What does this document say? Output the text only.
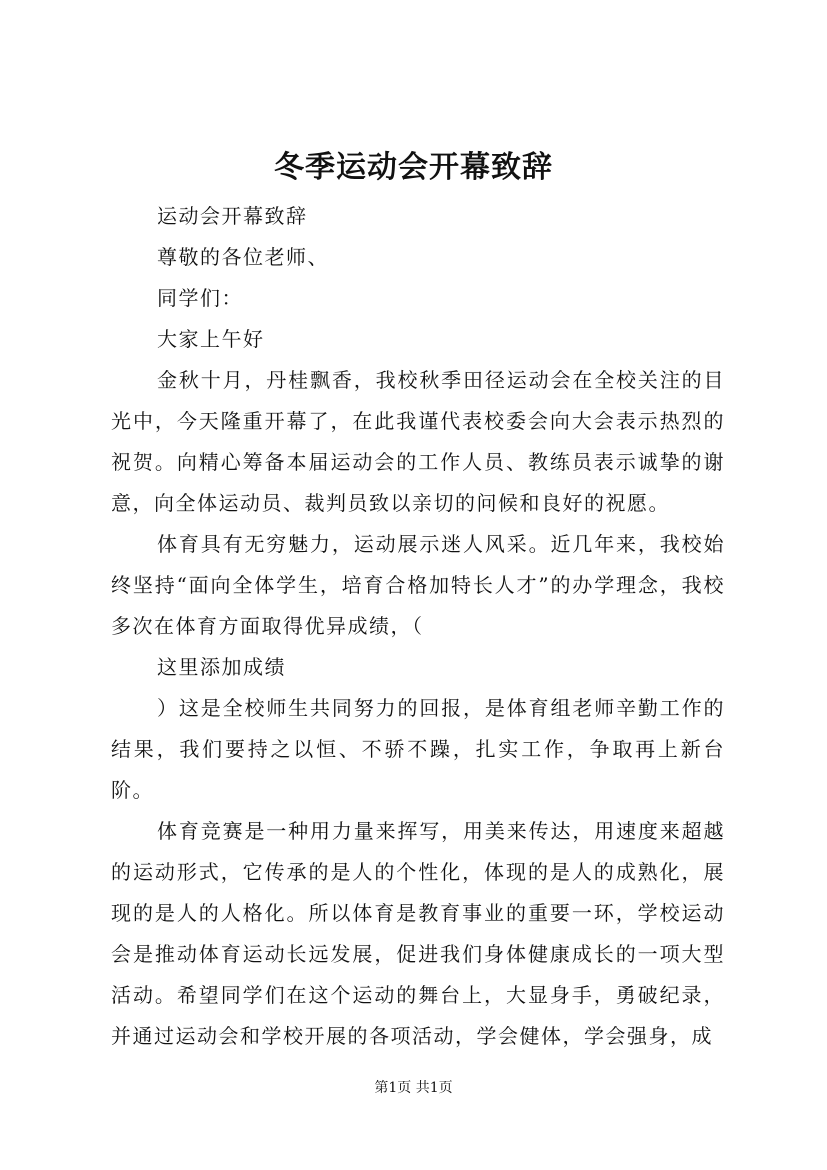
冬季运动会开幕致辞

运动会开幕致辞

尊敬的各位老师、

同学们：

大家上午好

金秋十月，丹桂飘香，我校秋季田径运动会在全校关注的目光中，今天隆重开幕了，在此我谨代表校委会向大会表示热烈的祝贺。向精心筹备本届运动会的工作人员、教练员表示诚挚的谢意，向全体运动员、裁判员致以亲切的问候和良好的祝愿。

体育具有无穷魅力，运动展示迷人风采。近几年来，我校始终坚持“面向全体学生，培育合格加特长人才”的办学理念，我校多次在体育方面取得优异成绩，（

这里添加成绩

）这是全校师生共同努力的回报，是体育组老师辛勤工作的结果，我们要持之以恒、不骄不躁，扎实工作，争取再上新台阶。

体育竞赛是一种用力量来挥写，用美来传达，用速度来超越的运动形式，它传承的是人的个性化，体现的是人的成熟化，展现的是人的人格化。所以体育是教育事业的重要一环，学校运动会是推动体育运动长远发展，促进我们身体健康成长的一项大型活动。希望同学们在这个运动的舞台上，大显身手，勇破纪录，并通过运动会和学校开展的各项活动，学会健体，学会强身，成

第1页 共1页
